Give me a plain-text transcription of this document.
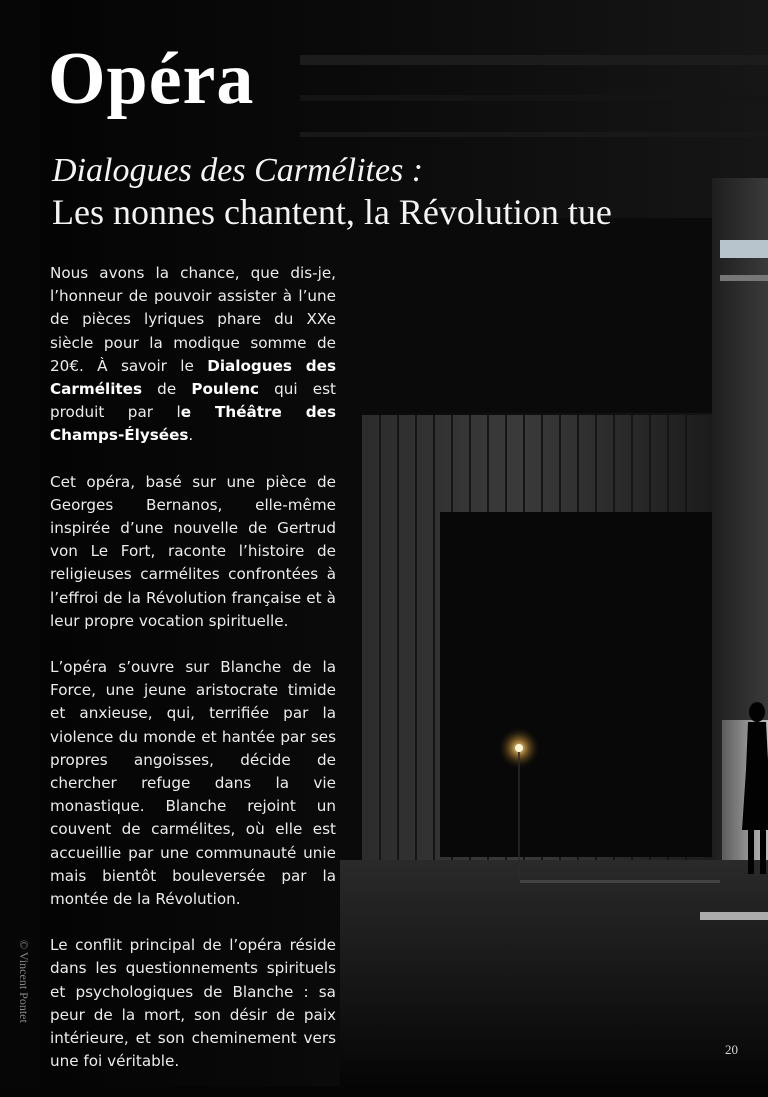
Opéra
Dialogues des Carmélites :
Les nonnes chantent, la Révolution tue

Nous avons la chance, que dis-je, l’honneur de pouvoir assister à l’une de pièces lyriques phare du XXe siècle pour la modique somme de 20€. À savoir le Dialogues des Carmélites de Poulenc qui est produit par le Théâtre des Champs-Élysées.

Cet opéra, basé sur une pièce de Georges Bernanos, elle-même inspirée d’une nouvelle de Gertrud von Le Fort, raconte l’histoire de religieuses carmélites confrontées à l’effroi de la Révolution française et à leur propre vocation spirituelle.

L’opéra s’ouvre sur Blanche de la Force, une jeune aristocrate timide et anxieuse, qui, terrifiée par la violence du monde et hantée par ses propres angoisses, décide de chercher refuge dans la vie monastique. Blanche rejoint un couvent de carmélites, où elle est accueillie par une communauté unie mais bientôt bouleversée par la montée de la Révolution.

Le conflit principal de l’opéra réside dans les questionnements spirituels et psychologiques de Blanche : sa peur de la mort, son désir de paix intérieure, et son cheminement vers une foi véritable.

© Vincent Pontet
20
